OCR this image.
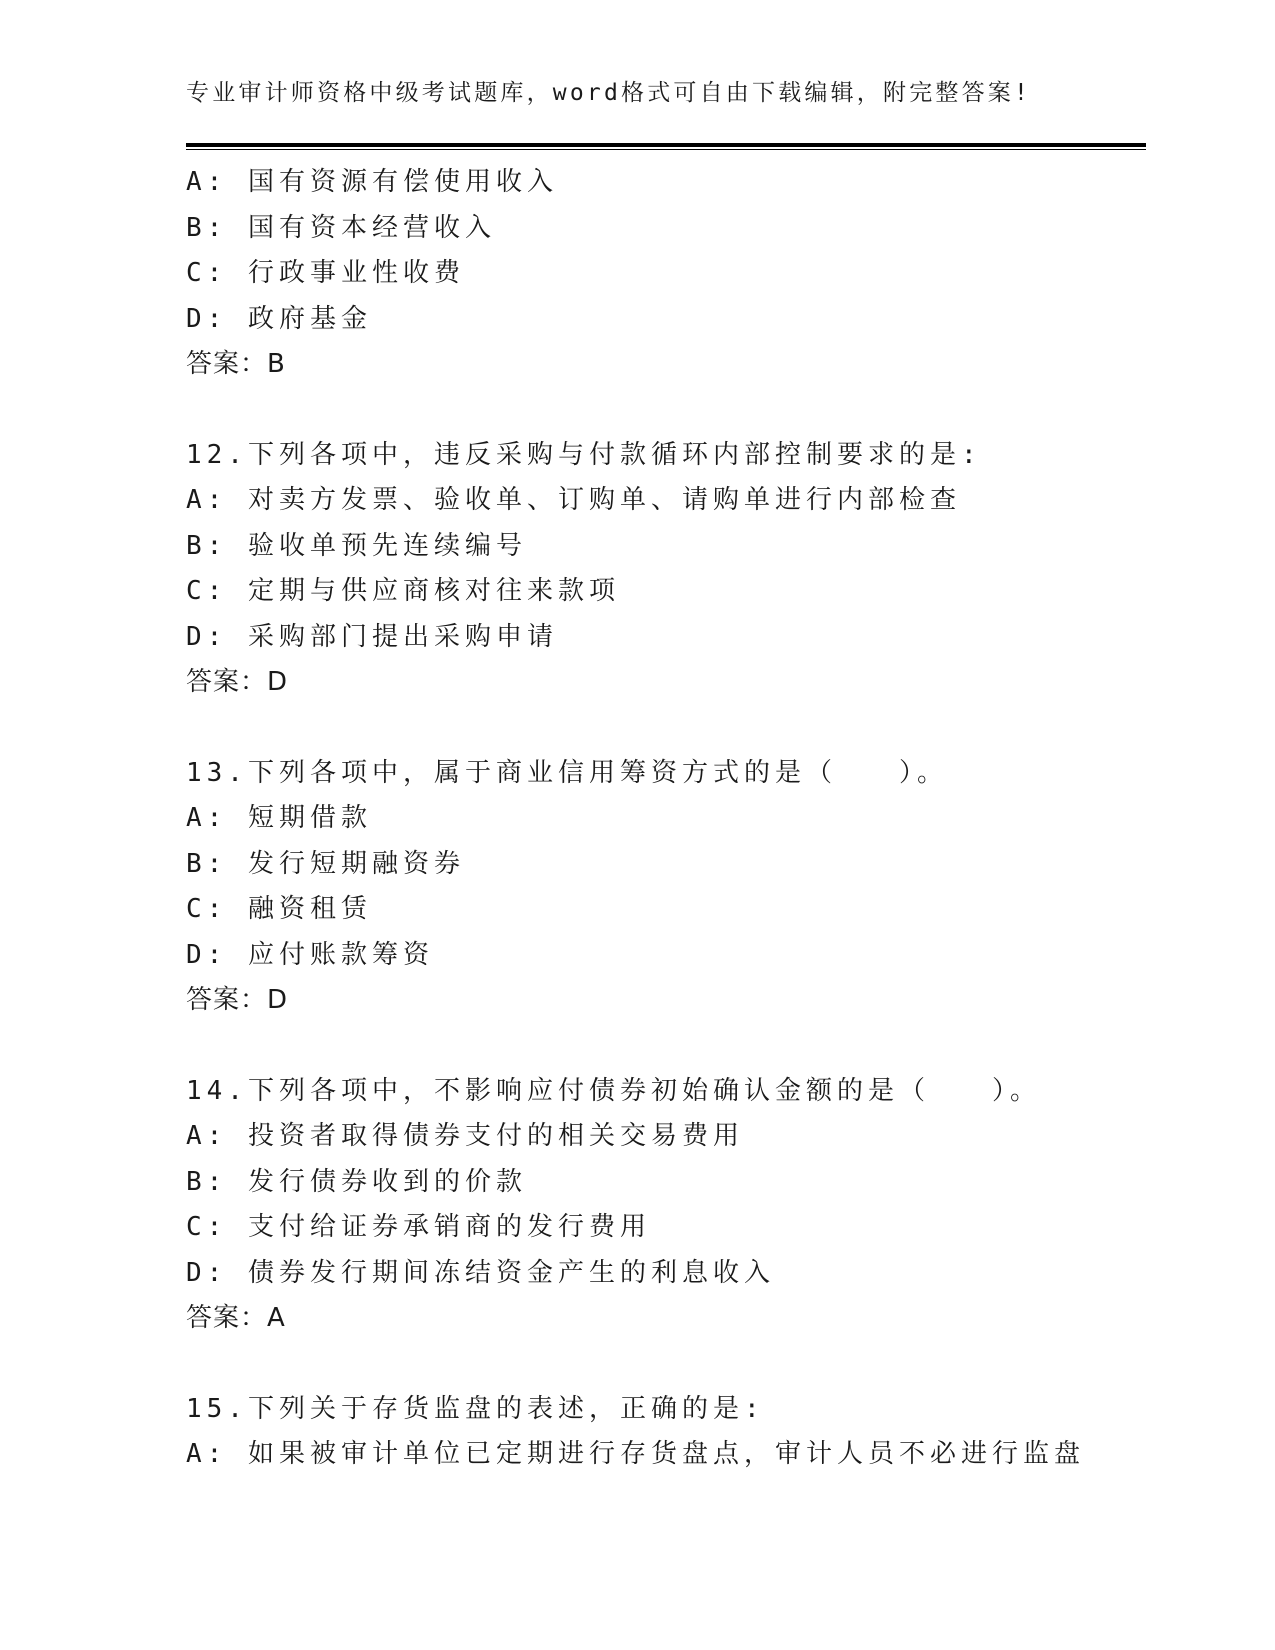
专业审计师资格中级考试题库，word格式可自由下载编辑，附完整答案!
A: 国有资源有偿使用收入
B: 国有资本经营收入
C: 行政事业性收费
D: 政府基金
答案：B
12.下列各项中，违反采购与付款循环内部控制要求的是:
A: 对卖方发票、验收单、订购单、请购单进行内部检查
B: 验收单预先连续编号
C: 定期与供应商核对往来款项
D: 采购部门提出采购申请
答案：D
13.下列各项中，属于商业信用筹资方式的是（　　）。
A: 短期借款
B: 发行短期融资券
C: 融资租赁
D: 应付账款筹资
答案：D
14.下列各项中，不影响应付债券初始确认金额的是（　　）。
A: 投资者取得债券支付的相关交易费用
B: 发行债券收到的价款
C: 支付给证券承销商的发行费用
D: 债券发行期间冻结资金产生的利息收入
答案：A
15.下列关于存货监盘的表述，正确的是:
A: 如果被审计单位已定期进行存货盘点，审计人员不必进行监盘
